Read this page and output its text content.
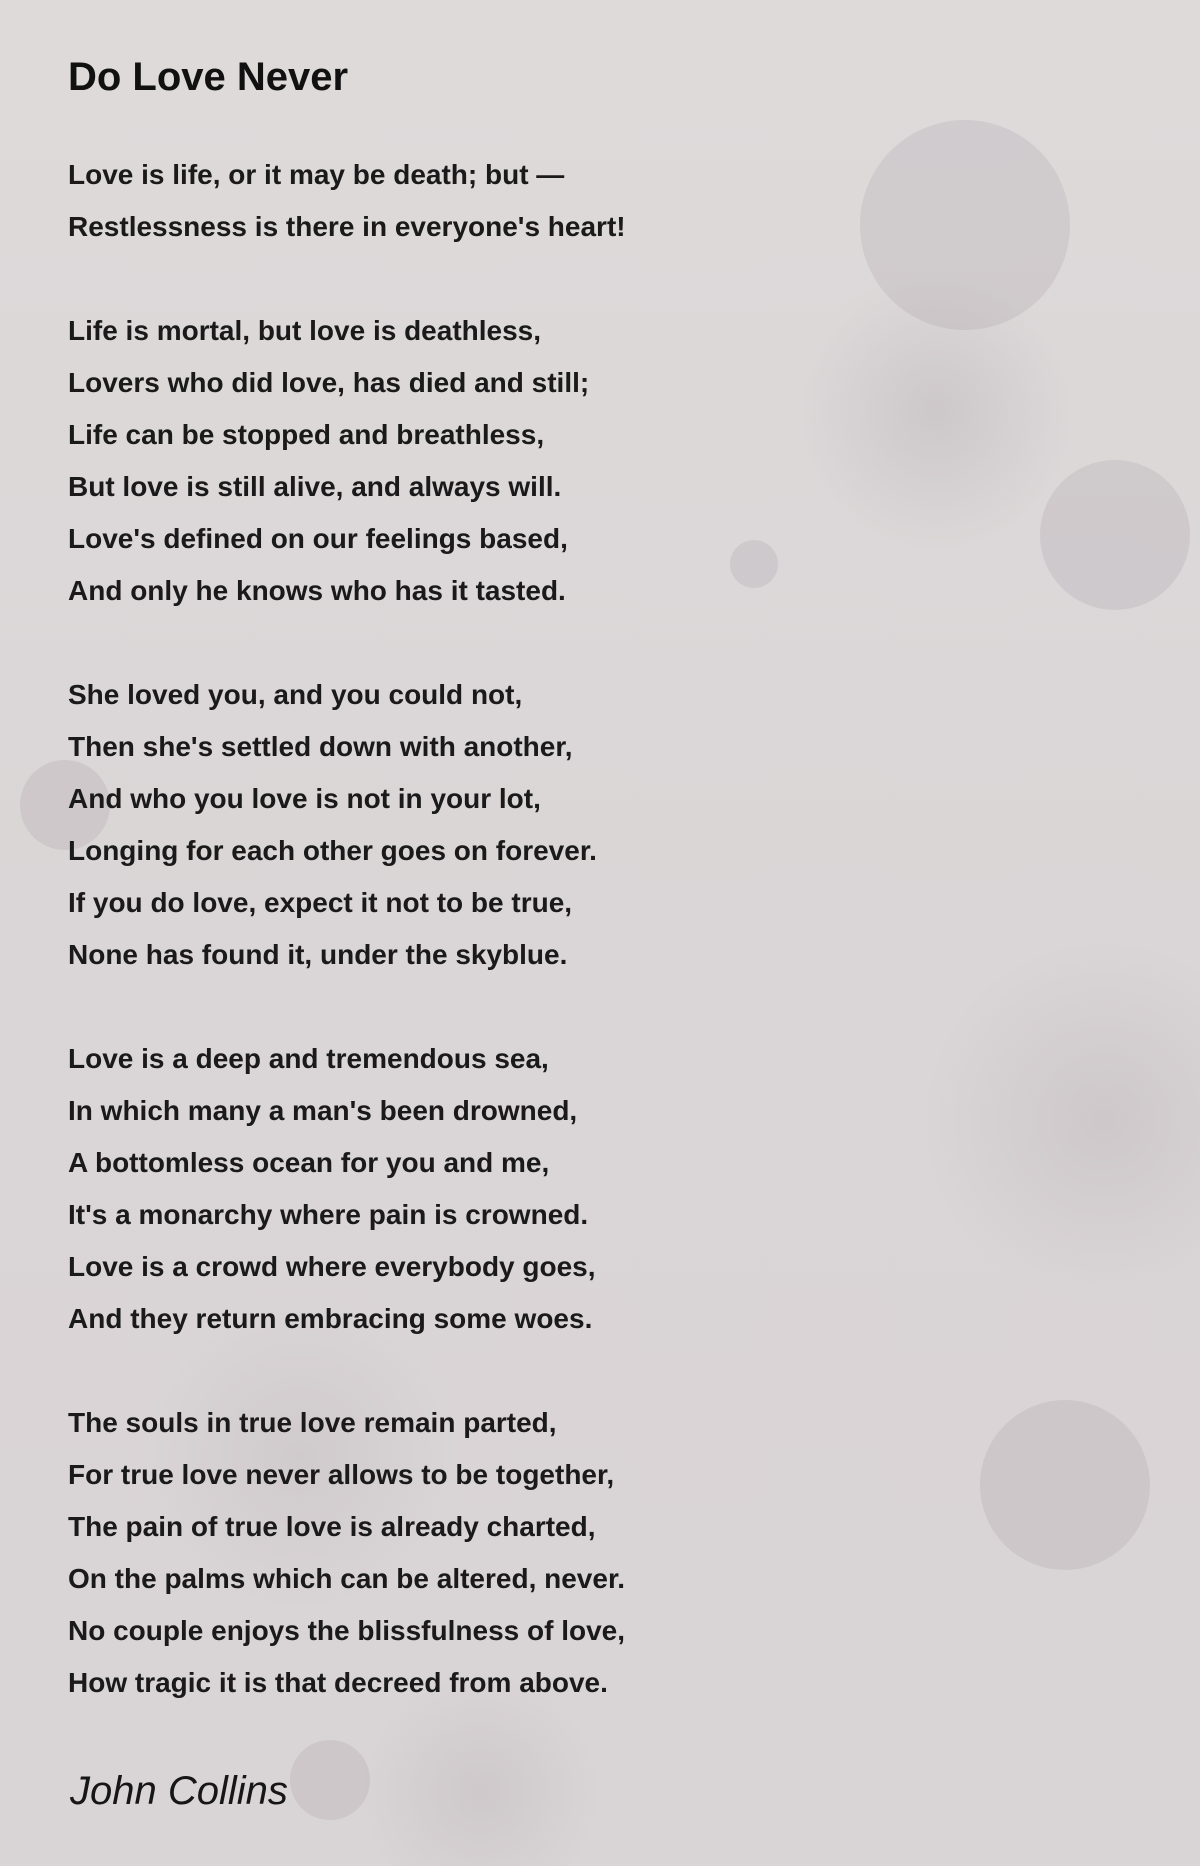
Do Love Never
Love is life, or it may be death; but —
Restlessness is there in everyone's heart!
Life is mortal, but love is deathless,
Lovers who did love, has died and still;
Life can be stopped and breathless,
But love is still alive, and always will.
Love's defined on our feelings based,
And only he knows who has it tasted.
She loved you, and you could not,
Then she's settled down with another,
And who you love is not in your lot,
Longing for each other goes on forever.
If you do love, expect it not to be true,
None has found it, under the skyblue.
Love is a deep and tremendous sea,
In which many a man's been drowned,
A bottomless ocean for you and me,
It's a monarchy where pain is crowned.
Love is a crowd where everybody goes,
And they return embracing some woes.
The souls in true love remain parted,
For true love never allows to be together,
The pain of true love is already charted,
On the palms which can be altered, never.
No couple enjoys the blissfulness of love,
How tragic it is that decreed from above.

John Collins
